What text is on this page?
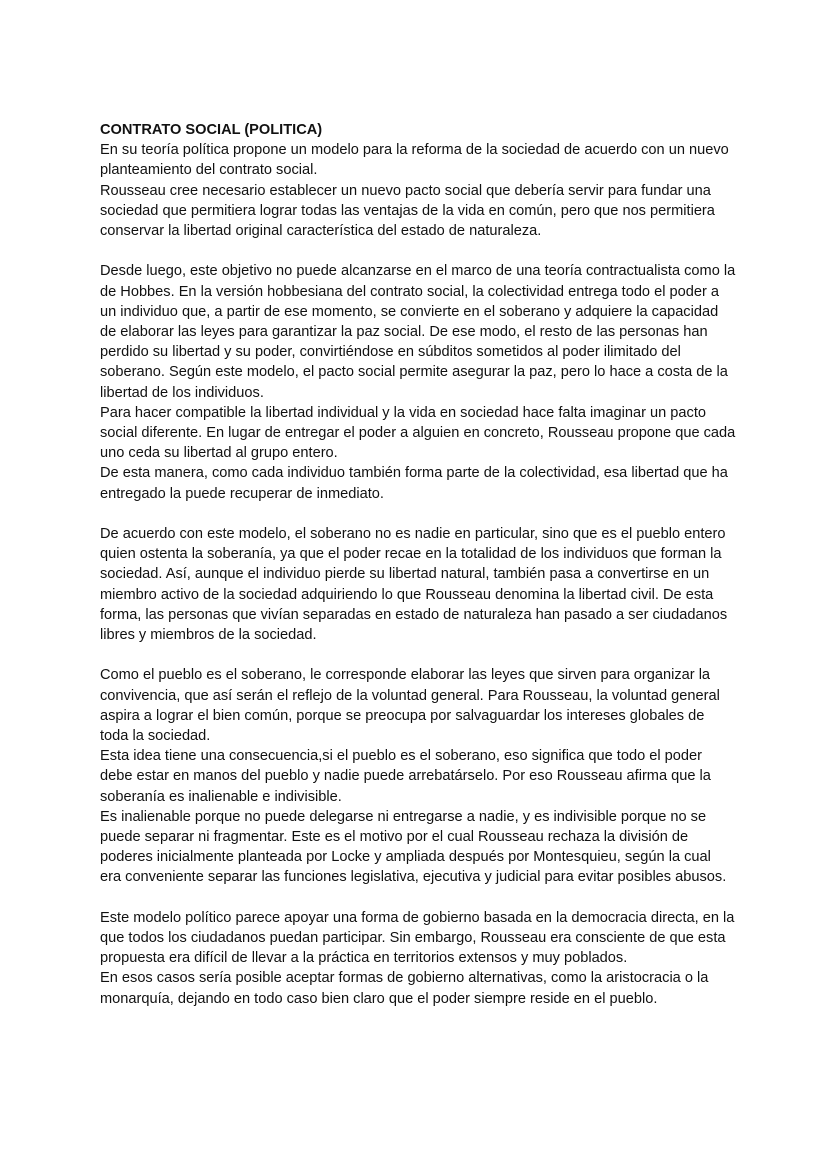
CONTRATO SOCIAL (POLITICA)

En su teoría política propone un modelo para la reforma de la sociedad de acuerdo con un nuevo planteamiento del contrato social.

Rousseau cree necesario establecer un nuevo pacto social que debería servir para fundar una sociedad que permitiera lograr todas las ventajas de la vida en común, pero que nos permitiera conservar la libertad original característica del estado de naturaleza.

Desde luego, este objetivo no puede alcanzarse en el marco de una teoría contractualista como la de Hobbes. En la versión hobbesiana del contrato social, la colectividad entrega todo el poder a un individuo que, a partir de ese momento, se convierte en el soberano y adquiere la capacidad de elaborar las leyes para garantizar la paz social. De ese modo, el resto de las personas han perdido su libertad y su poder, convirtiéndose en súbditos sometidos al poder ilimitado del soberano. Según este modelo, el pacto social permite asegurar la paz, pero lo hace a costa de la libertad de los individuos.

Para hacer compatible la libertad individual y la vida en sociedad hace falta imaginar un pacto social diferente. En lugar de entregar el poder a alguien en concreto, Rousseau propone que cada uno ceda su libertad al grupo entero.

De esta manera, como cada individuo también forma parte de la colectividad, esa libertad que ha entregado la puede recuperar de inmediato.

De acuerdo con este modelo, el soberano no es nadie en particular, sino que es el pueblo entero quien ostenta la soberanía, ya que el poder recae en la totalidad de los individuos que forman la sociedad. Así, aunque el individuo pierde su libertad natural, también pasa a convertirse en un miembro activo de la sociedad adquiriendo lo que Rousseau denomina la libertad civil. De esta forma, las personas que vivían separadas en estado de naturaleza han pasado a ser ciudadanos libres y miembros de la sociedad.

Como el pueblo es el soberano, le corresponde elaborar las leyes que sirven para organizar la convivencia, que así serán el reflejo de la voluntad general. Para Rousseau, la voluntad general aspira a lograr el bien común, porque se preocupa por salvaguardar los intereses globales de toda la sociedad.

Esta idea tiene una consecuencia,si el pueblo es el soberano, eso significa que todo el poder debe estar en manos del pueblo y nadie puede arrebatárselo. Por eso Rousseau afirma que la soberanía es inalienable e indivisible.

Es inalienable porque no puede delegarse ni entregarse a nadie, y es indivisible porque no se puede separar ni fragmentar. Este es el motivo por el cual Rousseau rechaza la división de poderes inicialmente planteada por Locke y ampliada después por Montesquieu, según la cual era conveniente separar las funciones legislativa, ejecutiva y judicial para evitar posibles abusos.

Este modelo político parece apoyar una forma de gobierno basada en la democracia directa, en la que todos los ciudadanos puedan participar. Sin embargo, Rousseau era consciente de que esta propuesta era difícil de llevar a la práctica en territorios extensos y muy poblados.

En esos casos sería posible aceptar formas de gobierno alternativas, como la aristocracia o la monarquía, dejando en todo caso bien claro que el poder siempre reside en el pueblo.
